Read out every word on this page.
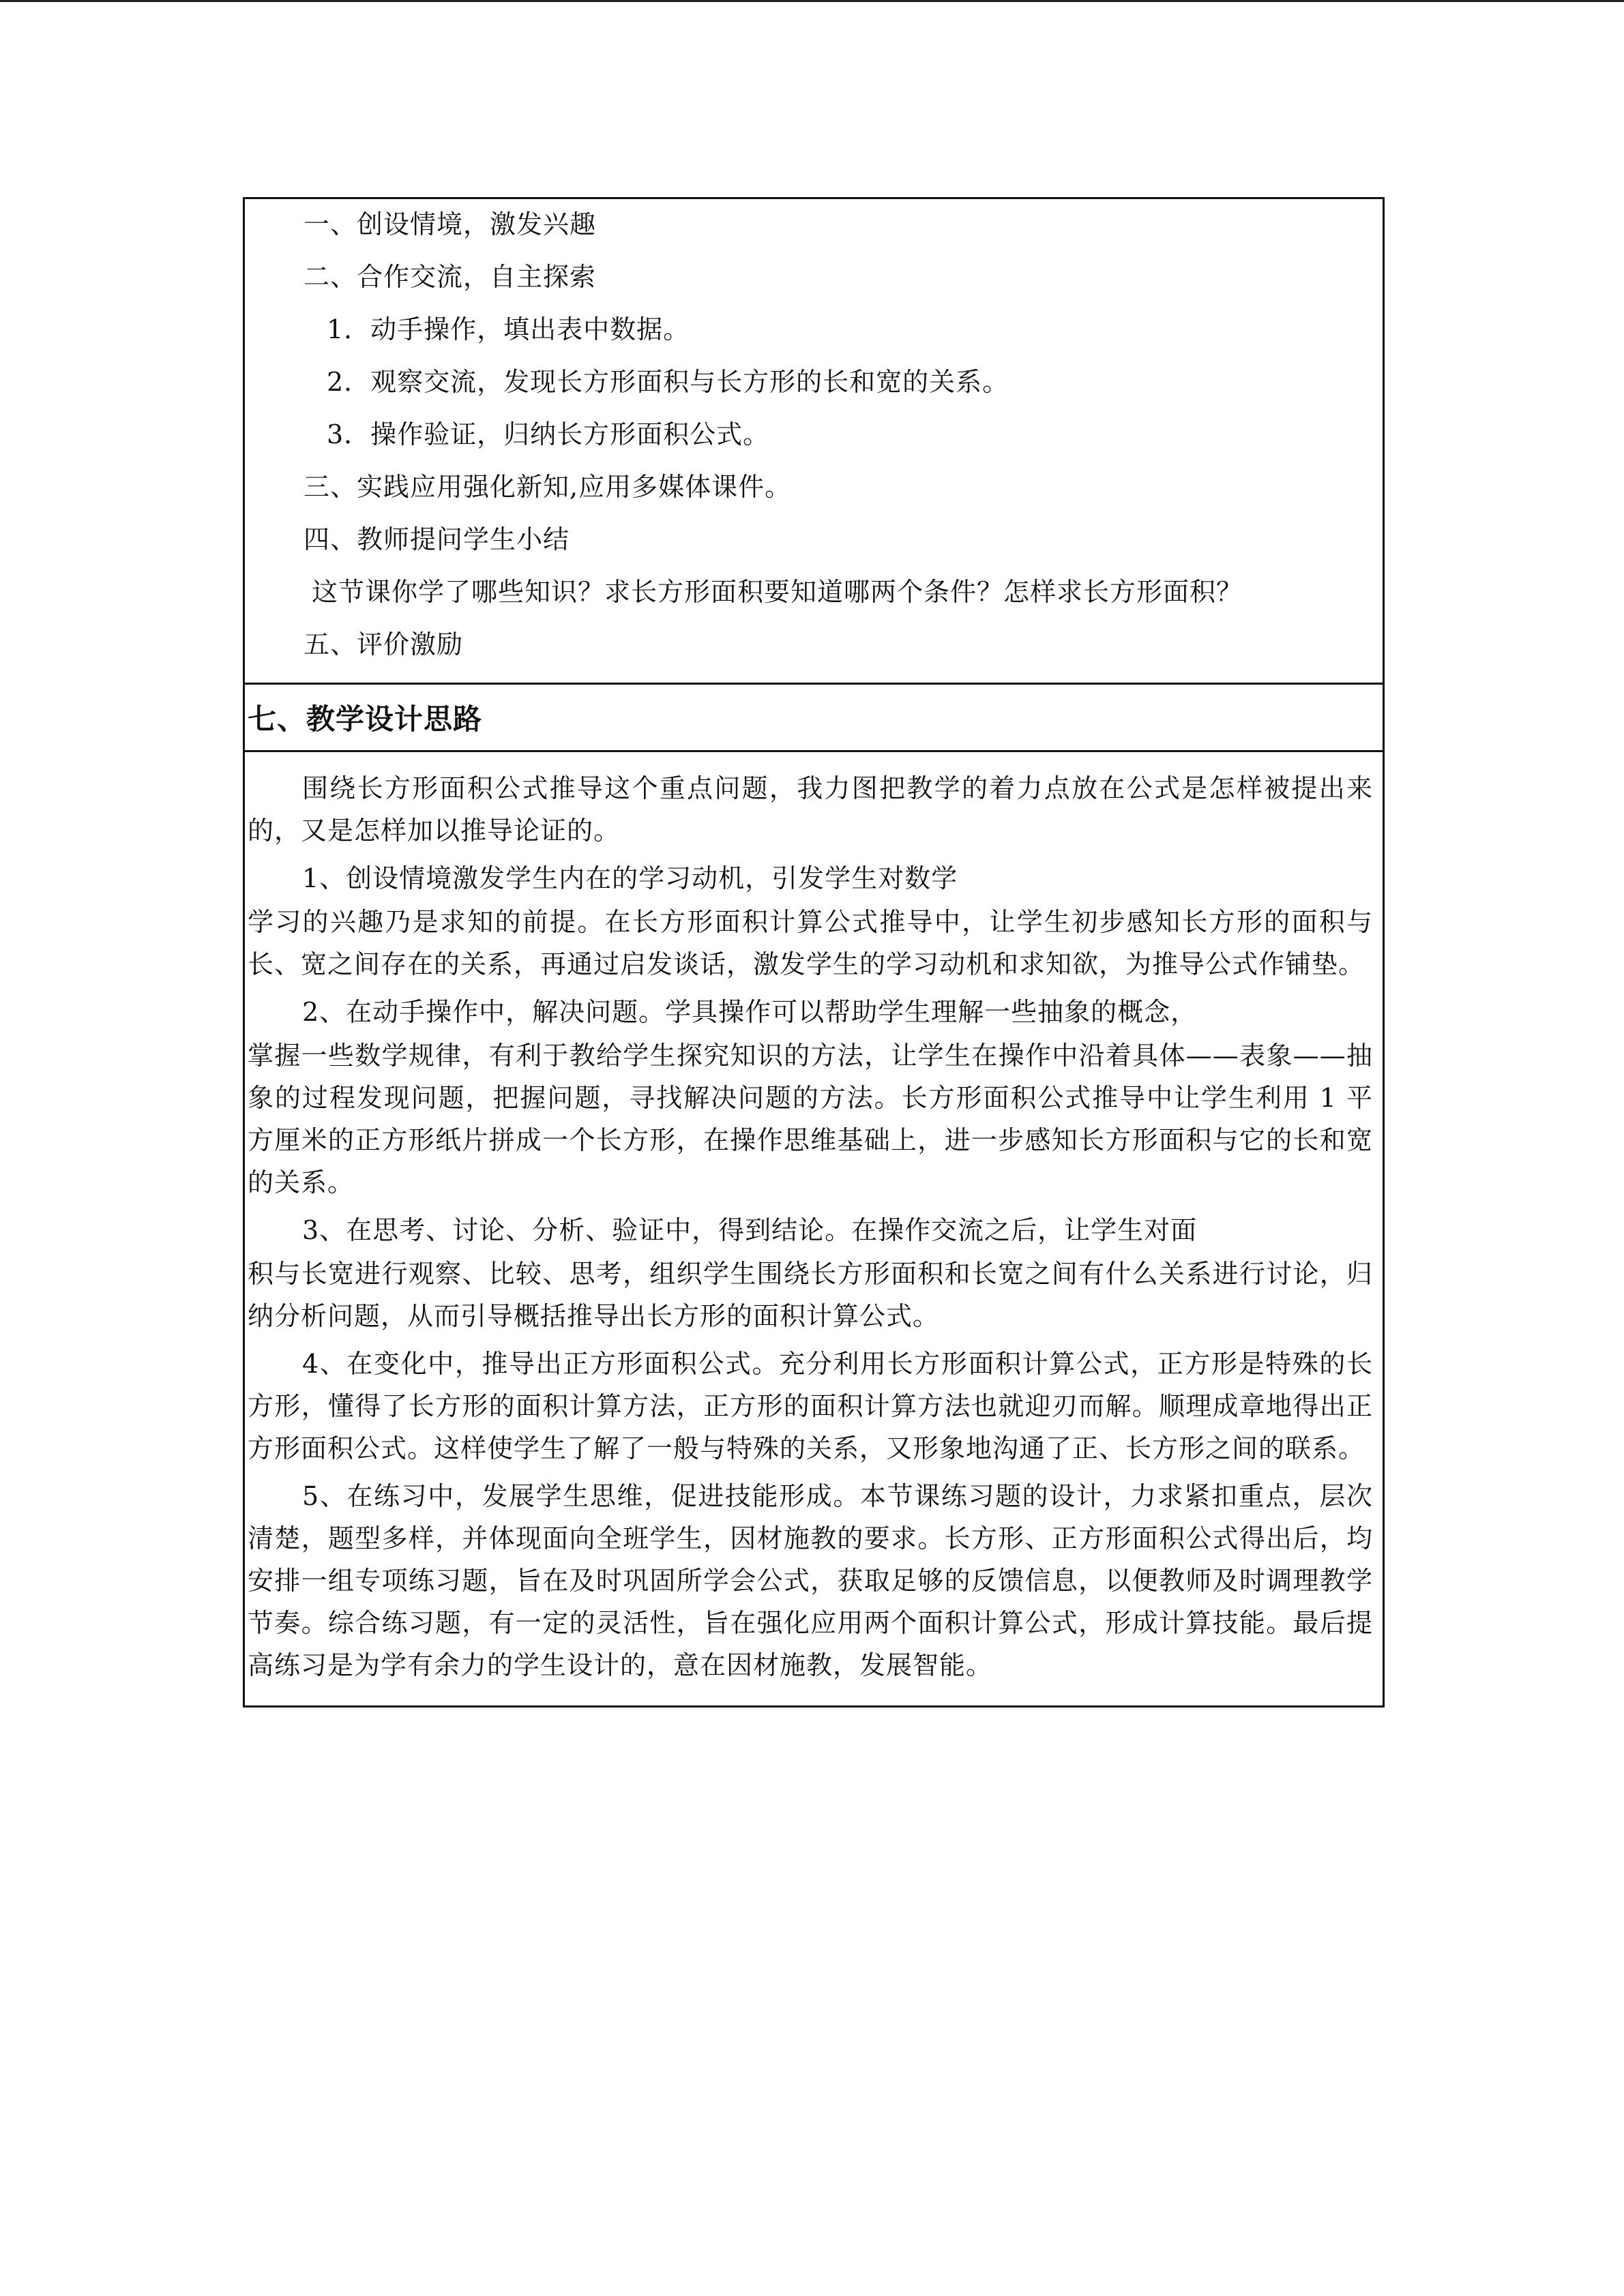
一、创设情境，激发兴趣
二、合作交流，自主探索
1．动手操作，填出表中数据。
2．观察交流，发现长方形面积与长方形的长和宽的关系。
3．操作验证，归纳长方形面积公式。
三、实践应用强化新知,应用多媒体课件。
四、教师提问学生小结
这节课你学了哪些知识？求长方形面积要知道哪两个条件？怎样求长方形面积？
五、评价激励
七、教学设计思路

围绕长方形面积公式推导这个重点问题，我力图把教学的着力点放在公式是怎样被提出来的，又是怎样加以推导论证的。

1、创设情境激发学生内在的学习动机，引发学生对数学

学习的兴趣乃是求知的前提。在长方形面积计算公式推导中，让学生初步感知长方形的面积与长、宽之间存在的关系，再通过启发谈话，激发学生的学习动机和求知欲，为推导公式作铺垫。

2、在动手操作中，解决问题。学具操作可以帮助学生理解一些抽象的概念，

掌握一些数学规律，有利于教给学生探究知识的方法，让学生在操作中沿着具体——表象——抽象的过程发现问题，把握问题，寻找解决问题的方法。长方形面积公式推导中让学生利用 1 平方厘米的正方形纸片拼成一个长方形，在操作思维基础上，进一步感知长方形面积与它的长和宽的关系。

3、在思考、讨论、分析、验证中，得到结论。在操作交流之后，让学生对面

积与长宽进行观察、比较、思考，组织学生围绕长方形面积和长宽之间有什么关系进行讨论，归纳分析问题，从而引导概括推导出长方形的面积计算公式。

4、在变化中，推导出正方形面积公式。充分利用长方形面积计算公式，正方形是特殊的长方形，懂得了长方形的面积计算方法，正方形的面积计算方法也就迎刃而解。顺理成章地得出正方形面积公式。这样使学生了解了一般与特殊的关系，又形象地沟通了正、长方形之间的联系。

5、在练习中，发展学生思维，促进技能形成。本节课练习题的设计，力求紧扣重点，层次清楚，题型多样，并体现面向全班学生，因材施教的要求。长方形、正方形面积公式得出后，均安排一组专项练习题，旨在及时巩固所学会公式，获取足够的反馈信息，以便教师及时调理教学节奏。综合练习题，有一定的灵活性，旨在强化应用两个面积计算公式，形成计算技能。最后提高练习是为学有余力的学生设计的，意在因材施教，发展智能。
